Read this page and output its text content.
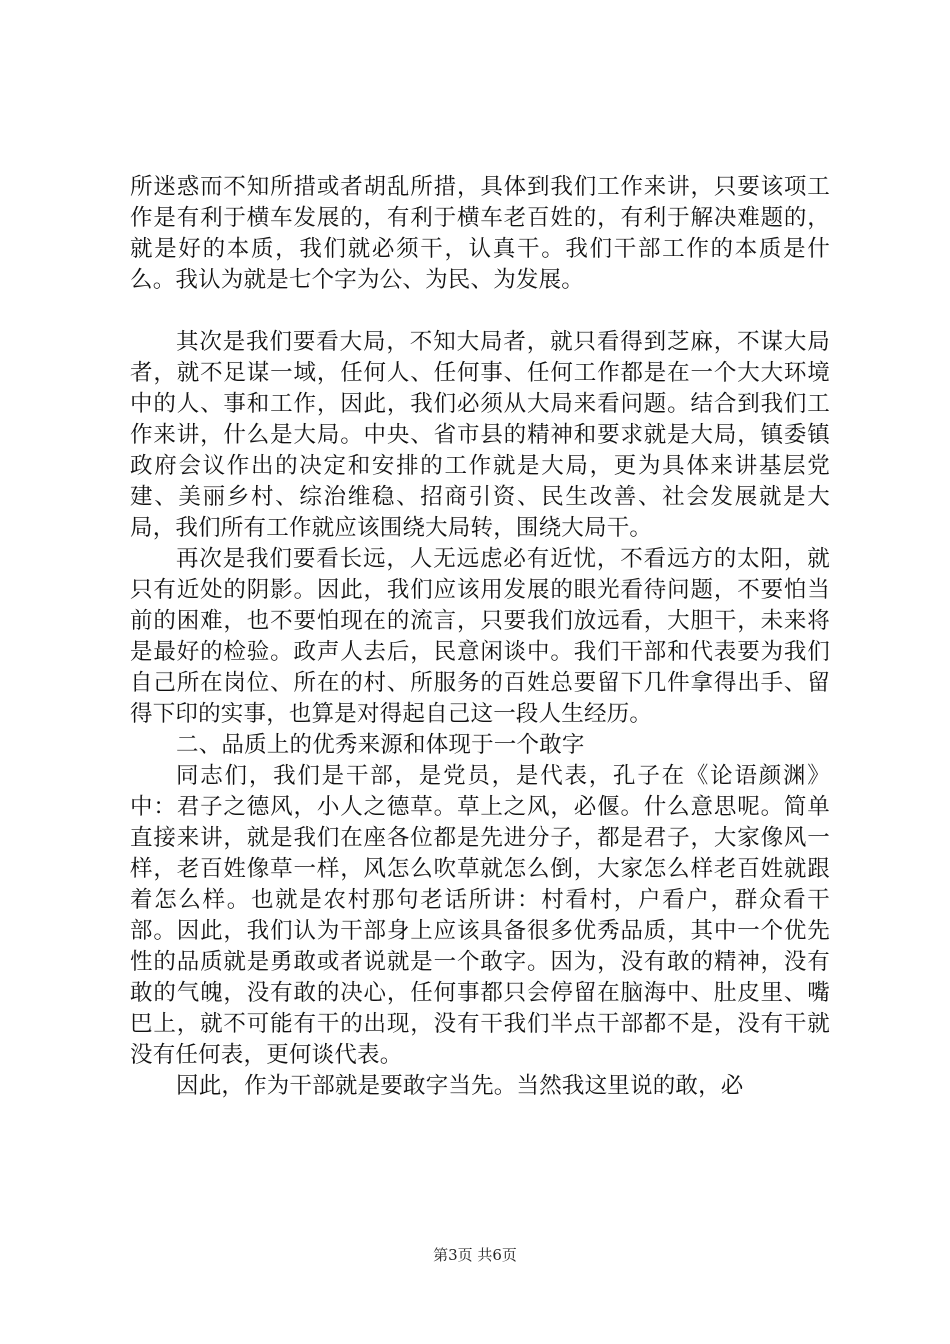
所迷惑而不知所措或者胡乱所措，具体到我们工作来讲，只要该项工作是有利于横车发展的，有利于横车老百姓的，有利于解决难题的，就是好的本质，我们就必须干，认真干。我们干部工作的本质是什么。我认为就是七个字为公、为民、为发展。

其次是我们要看大局，不知大局者，就只看得到芝麻，不谋大局者，就不足谋一域，任何人、任何事、任何工作都是在一个大大环境中的人、事和工作，因此，我们必须从大局来看问题。结合到我们工作来讲，什么是大局。中央、省市县的精神和要求就是大局，镇委镇政府会议作出的决定和安排的工作就是大局，更为具体来讲基层党建、美丽乡村、综治维稳、招商引资、民生改善、社会发展就是大局，我们所有工作就应该围绕大局转，围绕大局干。

再次是我们要看长远，人无远虑必有近忧，不看远方的太阳，就只有近处的阴影。因此，我们应该用发展的眼光看待问题，不要怕当前的困难，也不要怕现在的流言，只要我们放远看，大胆干，未来将是最好的检验。政声人去后，民意闲谈中。我们干部和代表要为我们自己所在岗位、所在的村、所服务的百姓总要留下几件拿得出手、留得下印的实事，也算是对得起自己这一段人生经历。

二、品质上的优秀来源和体现于一个敢字

同志们，我们是干部，是党员，是代表，孔子在《论语颜渊》中：君子之德风，小人之德草。草上之风，必偃。什么意思呢。简单直接来讲，就是我们在座各位都是先进分子，都是君子，大家像风一样，老百姓像草一样，风怎么吹草就怎么倒，大家怎么样老百姓就跟着怎么样。也就是农村那句老话所讲：村看村，户看户，群众看干部。因此，我们认为干部身上应该具备很多优秀品质，其中一个优先性的品质就是勇敢或者说就是一个敢字。因为，没有敢的精神，没有敢的气魄，没有敢的决心，任何事都只会停留在脑海中、肚皮里、嘴巴上，就不可能有干的出现，没有干我们半点干部都不是，没有干就没有任何表，更何谈代表。

因此，作为干部就是要敢字当先。当然我这里说的敢，必

第3页 共6页
